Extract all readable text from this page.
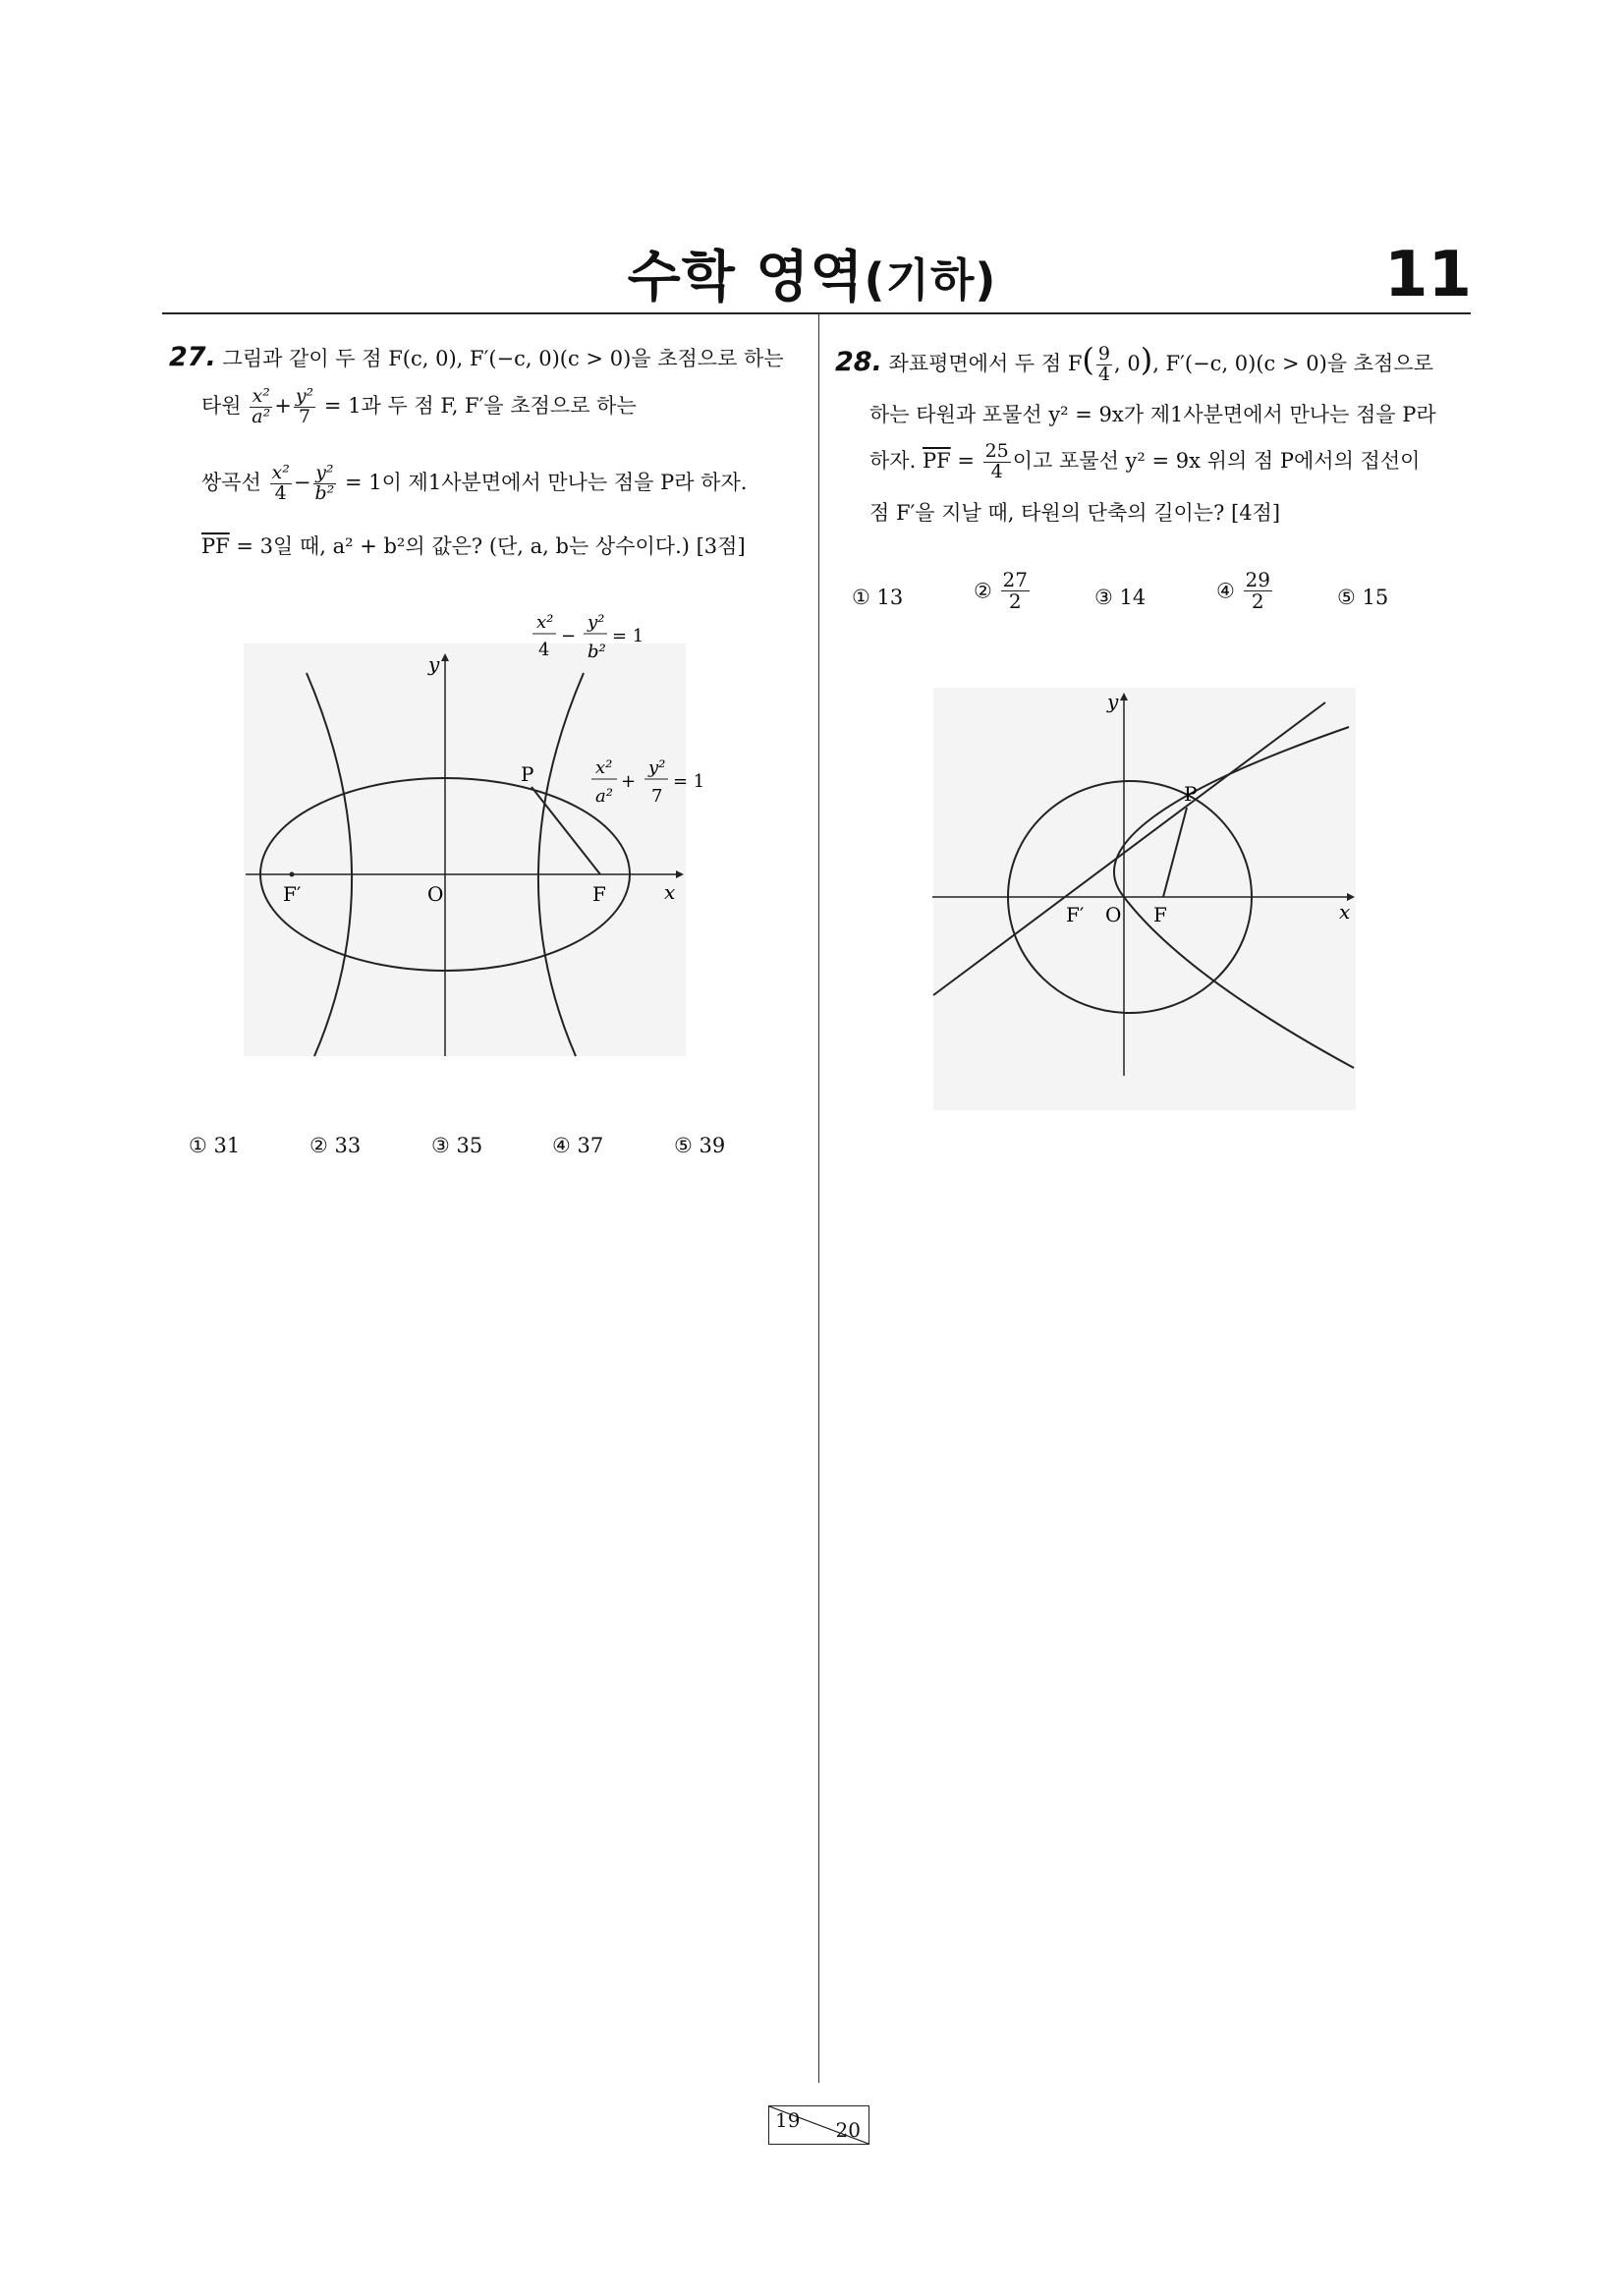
수학 영역(기하)	11
27. 그림과 같이 두 점 F(c, 0), F′(−c, 0)(c > 0)을 초점으로 하는
타원 $\frac{\text{x²}}{\text{a²}} + \frac{\text{y²}}{7} = 1$과 두 점 F, F′을 초점으로 하는
쌍곡선 $\frac{\text{x²}}{4} - \frac{\text{y²}}{\text{b²}} = 1$이 제1사분면에서 만나는 점을 P라 하자.
$\overline{PF} = 3$일 때, a² + b²의 값은? (단, a, b는 상수이다.) [3점]
P
F′	O	F	x
y
x²
4
−
y²
b²
= 1
x²
a²
+
y²
7
= 1
① 31	② 33	③ 35	④ 37	⑤ 39
28. 좌표평면에서 두 점 $F( \frac{9}{4}$ , 0), F′(−c, 0)(c > 0)을 초점으로
하는 타원과 포물선 y² = 9x가 제1사분면에서 만나는 점을 P라
하자. $\overline{PF} = \frac{25}{4}$ 이고 포물선 y² = 9x 위의 점 P에서의 접선이
점 F′을 지날 때, 타원의 단축의 길이는? [4점]
① 13	② $\frac{27}{2}$	③ 14	④ $\frac{29}{2}$	⑤ 15
P
F′ O F	x
y
19 20
